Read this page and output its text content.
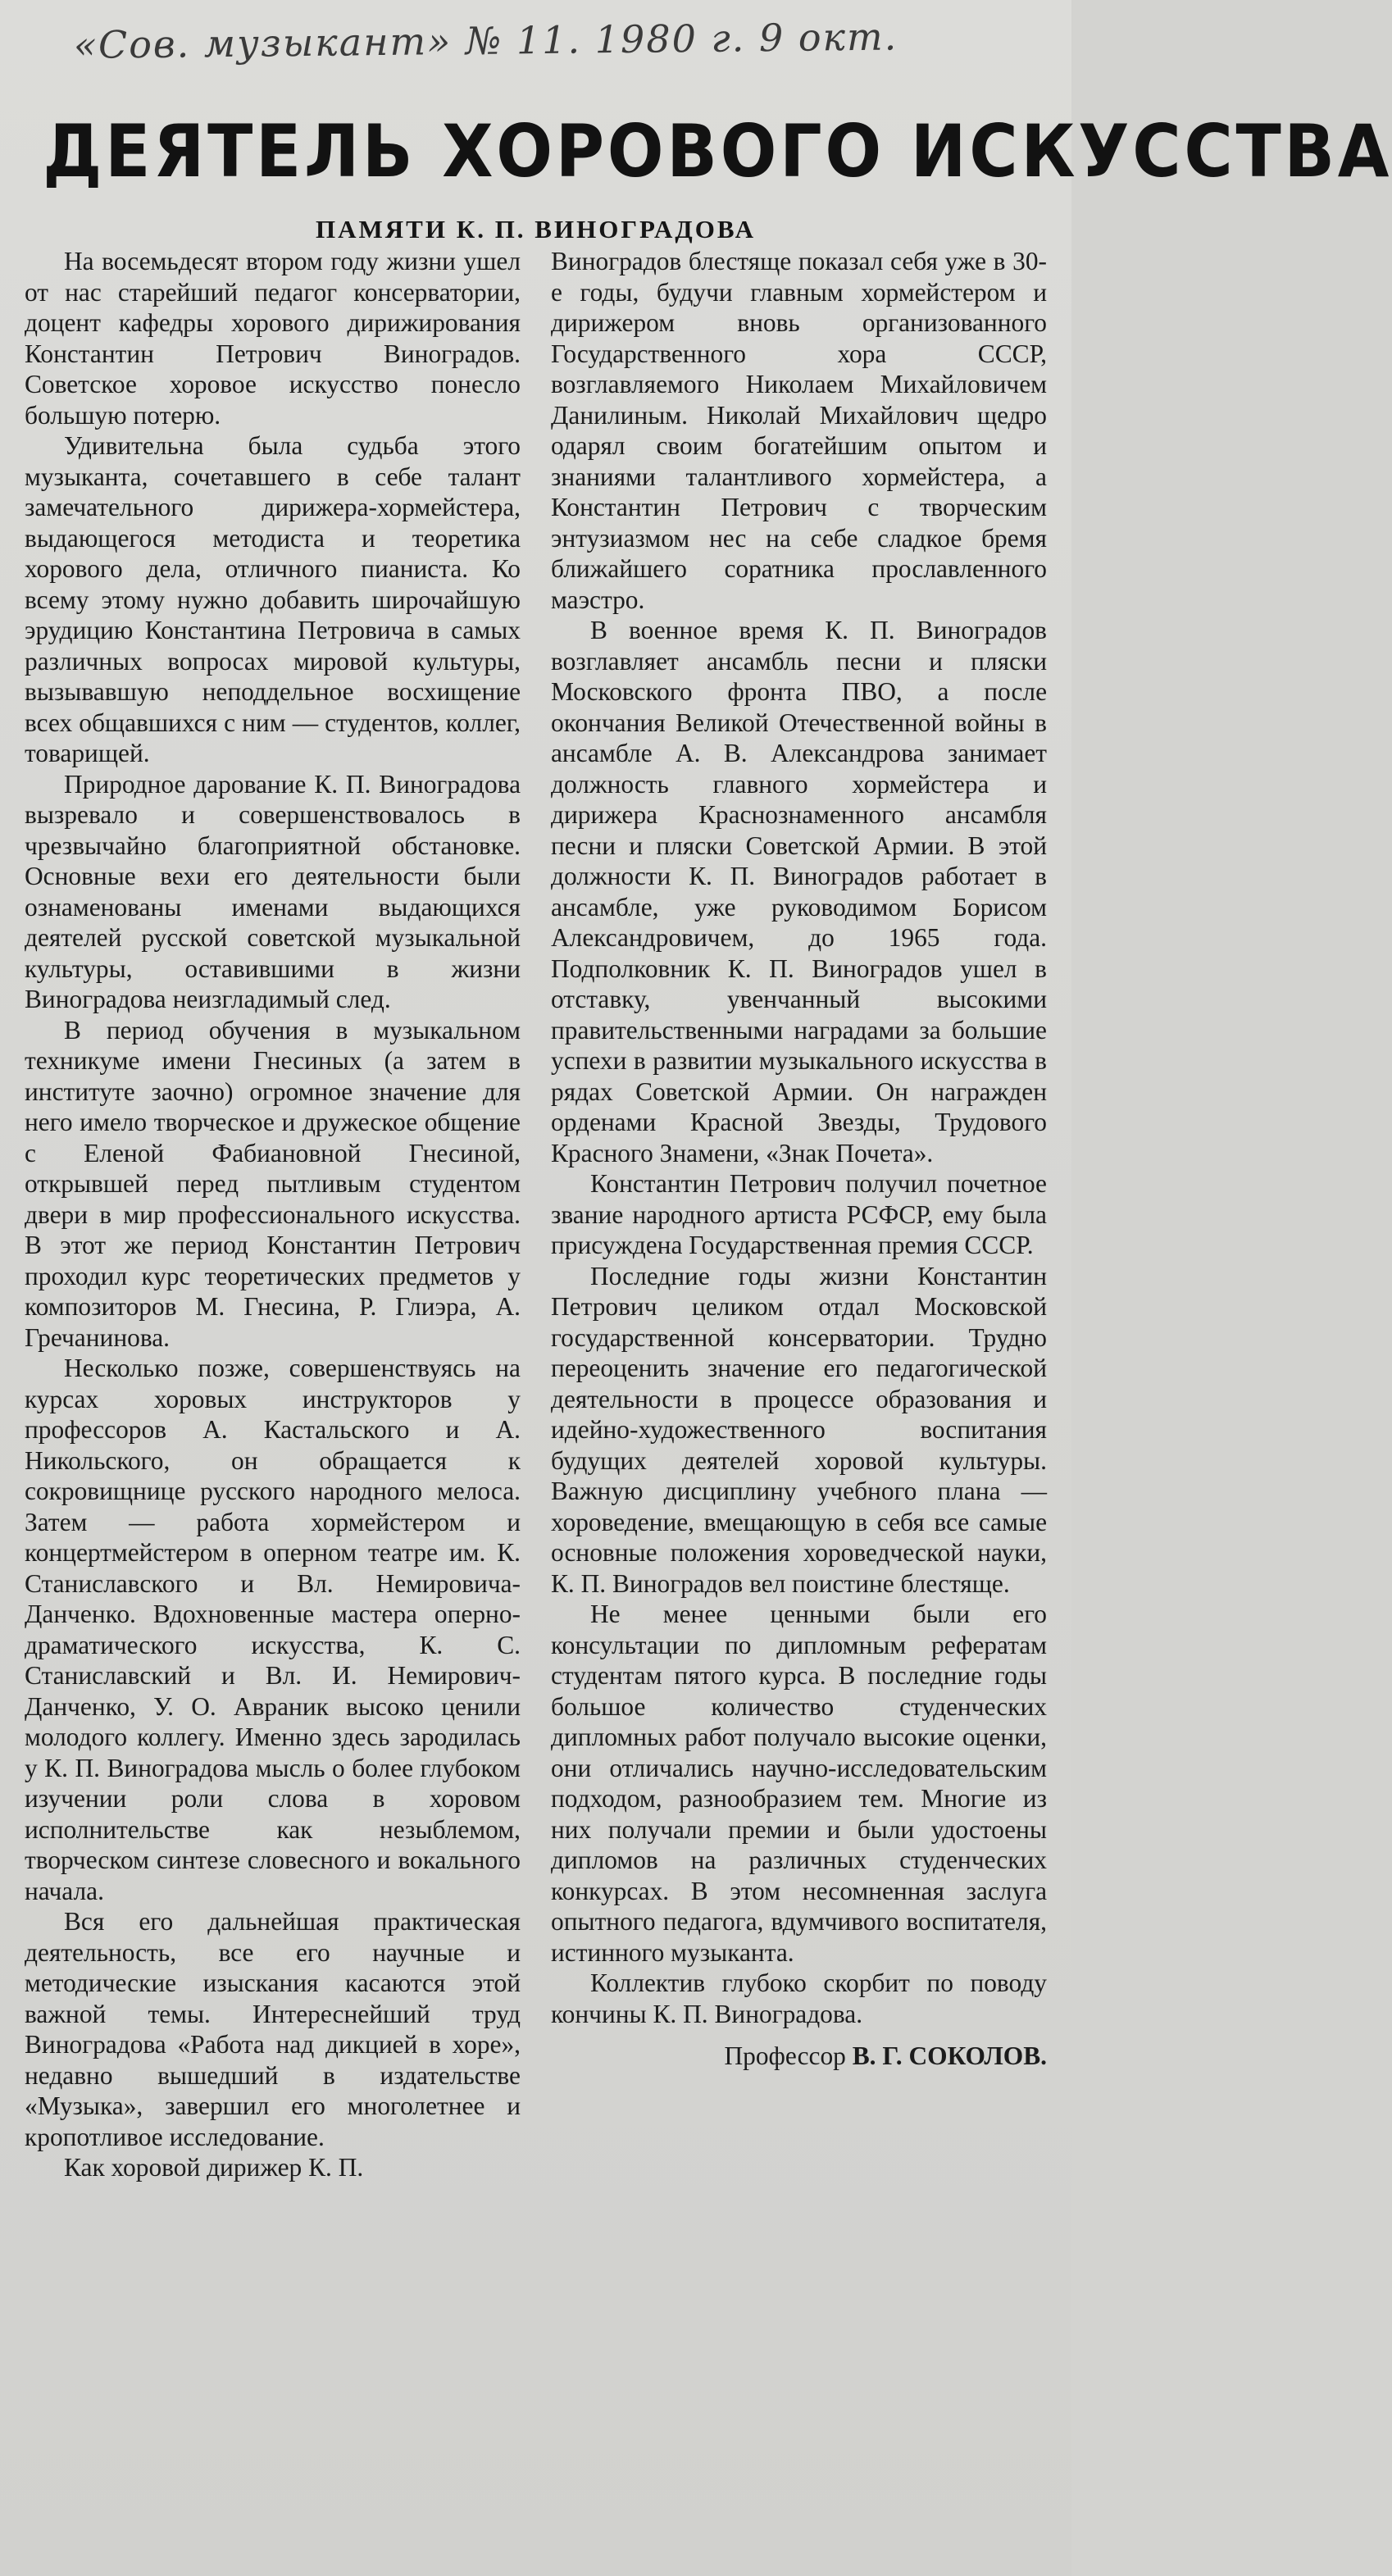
«Сов. музыкант» № 11. 1980 г. 9 окт.
ДЕЯТЕЛЬ ХОРОВОГО ИСКУССТВА
ПАМЯТИ К. П. ВИНОГРАДОВА

На восемьдесят втором году жизни ушел от нас старейший педагог консерватории, доцент кафедры хорового дирижирования Константин Петрович Виноградов. Советское хоровое искусство понесло большую потерю.

Удивительна была судьба этого музыканта, сочетавшего в себе талант замечательного дирижера-хормейстера, выдающегося методиста и теоретика хорового дела, отличного пианиста. Ко всему этому нужно добавить широчайшую эрудицию Константина Петровича в самых различных вопросах мировой культуры, вызывавшую неподдельное восхищение всех общавшихся с ним — студентов, коллег, товарищей.

Природное дарование К. П. Виноградова вызревало и совершенствовалось в чрезвычайно благоприятной обстановке. Основные вехи его деятельности были ознаменованы именами выдающихся деятелей русской советской музыкальной культуры, оставившими в жизни Виноградова неизгладимый след.

В период обучения в музыкальном техникуме имени Гнесиных (а затем в институте заочно) огромное значение для него имело творческое и дружеское общение с Еленой Фабиановной Гнесиной, открывшей перед пытливым студентом двери в мир профессионального искусства. В этот же период Константин Петрович проходил курс теоретических предметов у композиторов М. Гнесина, Р. Глиэра, А. Гречанинова.

Несколько позже, совершенствуясь на курсах хоровых инструкторов у профессоров А. Кастальского и А. Никольского, он обращается к сокровищнице русского народного мелоса. Затем — работа хормейстером и концертмейстером в оперном театре им. К. Станиславского и Вл. Немировича-Данченко. Вдохновенные мастера оперно-драматического искусства, К. С. Станиславский и Вл. И. Немирович-Данченко, У. О. Авраник высоко ценили молодого коллегу. Именно здесь зародилась у К. П. Виноградова мысль о более глубоком изучении роли слова в хоровом исполнительстве как незыблемом, творческом синтезе словесного и вокального начала.

Вся его дальнейшая практическая деятельность, все его научные и методические изыскания касаются этой важной темы. Интереснейший труд Виноградова «Работа над дикцией в хоре», недавно вышедший в издательстве «Музыка», завершил его многолетнее и кропотливое исследование.

Как хоровой дирижер К. П.

Виноградов блестяще показал себя уже в 30-е годы, будучи главным хормейстером и дирижером вновь организованного Государственного хора СССР, возглавляемого Николаем Михайловичем Данилиным. Николай Михайлович щедро одарял своим богатейшим опытом и знаниями талантливого хормейстера, а Константин Петрович с творческим энтузиазмом нес на себе сладкое бремя ближайшего соратника прославленного маэстро.

В военное время К. П. Виноградов возглавляет ансамбль песни и пляски Московского фронта ПВО, а после окончания Великой Отечественной войны в ансамбле А. В. Александрова занимает должность главного хормейстера и дирижера Краснознаменного ансамбля песни и пляски Советской Армии. В этой должности К. П. Виноградов работает в ансамбле, уже руководимом Борисом Александровичем, до 1965 года. Подполковник К. П. Виноградов ушел в отставку, увенчанный высокими правительственными наградами за большие успехи в развитии музыкального искусства в рядах Советской Армии. Он награжден орденами Красной Звезды, Трудового Красного Знамени, «Знак Почета».

Константин Петрович получил почетное звание народного артиста РСФСР, ему была присуждена Государственная премия СССР.

Последние годы жизни Константин Петрович целиком отдал Московской государственной консерватории. Трудно переоценить значение его педагогической деятельности в процессе образования и идейно-художественного воспитания будущих деятелей хоровой культуры. Важную дисциплину учебного плана — хороведение, вмещающую в себя все самые основные положения хороведческой науки, К. П. Виноградов вел поистине блестяще.

Не менее ценными были его консультации по дипломным рефератам студентам пятого курса. В последние годы большое количество студенческих дипломных работ получало высокие оценки, они отличались научно-исследовательским подходом, разнообразием тем. Многие из них получали премии и были удостоены дипломов на различных студенческих конкурсах. В этом несомненная заслуга опытного педагога, вдумчивого воспитателя, истинного музыканта.

Коллектив глубоко скорбит по поводу кончины К. П. Виноградова.

Профессор В. Г. СОКОЛОВ.
